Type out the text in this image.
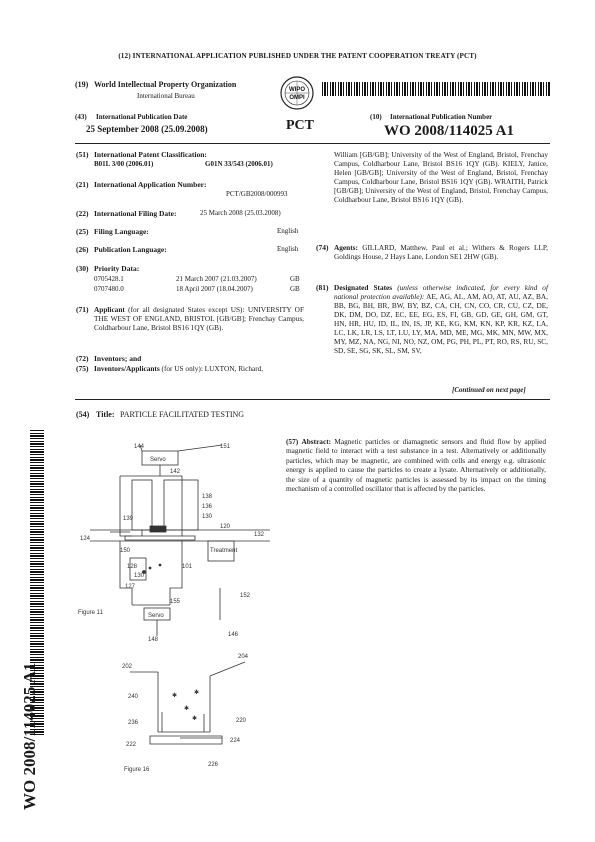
(12) INTERNATIONAL APPLICATION PUBLISHED UNDER THE PATENT COOPERATION TREATY (PCT)
(19) World Intellectual Property Organization
International Bureau
WIPO
OMPI
(43) International Publication Date
25 September 2008 (25.09.2008)	PCT
(10) International Publication Number
WO 2008/114025 A1
(51) International Patent Classification:
B01L 3/00 (2006.01)	G01N 33/543 (2006.01)
(21) International Application Number:
PCT/GB2008/000993
(22) International Filing Date:	25 March 2008 (25.03.2008)
(25) Filing Language:	English
(26) Publication Language:	English
(30) Priority Data:
0705428.1	21 March 2007 (21.03.2007)	GB
0707480.0	18 April 2007 (18.04.2007)	GB
(71) Applicant (for all designated States except US): UNIVERSITY OF THE WEST OF ENGLAND, BRISTOL [GB/GB]; Frenchay Campus, Coldharbour Lane, Bristol BS16 1QY (GB).
(72) Inventors; and
(75) Inventors/Applicants (for US only): LUXTON, Richard,
William [GB/GB]; University of the West of England, Bristol, Frenchay Campus, Coldharbour Lane, Bristol BS16 1QY (GB). KIELY, Janice, Helen [GB/GB]; University of the West of England, Bristol, Frenchay Campus, Coldharbour Lane, Bristol BS16 1QY (GB). WRAITH, Patrick [GB/GB]; University of the West of England, Bristol, Frenchay Campus, Coldharbour Lane, Bristol BS16 1QY (GB).
(74) Agents: GILLARD, Matthew, Paul et al.; Withers & Rogers LLP, Goldings House, 2 Hays Lane, London SE1 2HW (GB).
(81) Designated States (unless otherwise indicated, for every kind of national protection available): AE, AG, AL, AM, AO, AT, AU, AZ, BA, BB, BG, BH, BR, BW, BY, BZ, CA, CH, CN, CO, CR, CU, CZ, DE, DK, DM, DO, DZ, EC, EE, EG, ES, FI, GB, GD, GE, GH, GM, GT, HN, HR, HU, ID, IL, IN, IS, JP, KE, KG, KM, KN, KP, KR, KZ, LA, LC, LK, LR, LS, LT, LU, LY, MA, MD, ME, MG, MK, MN, MW, MX, MY, MZ, NA, NG, NI, NO, NZ, OM, PG, PH, PL, PT, RO, RS, RU, SC, SD, SE, SG, SK, SL, SM, SV,
[Continued on next page]
(54) Title: PARTICLE FACILITATED TESTING
(57) Abstract: Magnetic particles or diamagnetic sensors and fluid flow by applied magnetic field to interact with a test substance in a test. Alternatively or additionally particles, which may be magnetic, are combined with cells and energy e.g. ultrasonic energy is applied to cause the particles to create a lysate. Alternatively or additionally, the size of a quantity of magnetic particles is assessed by its impact on the timing mechanism of a controlled oscillator that is affected by the particles.
144	151
Servo
142
138
136
130
139
120
132
124
Treatment
150
128
130
101
127
155
152
Servo
148
146
Figure 11
✱	✱
✱
✱
202
204
240
236	220
222
224
226
Figure 16
WO 2008/114025 A1
